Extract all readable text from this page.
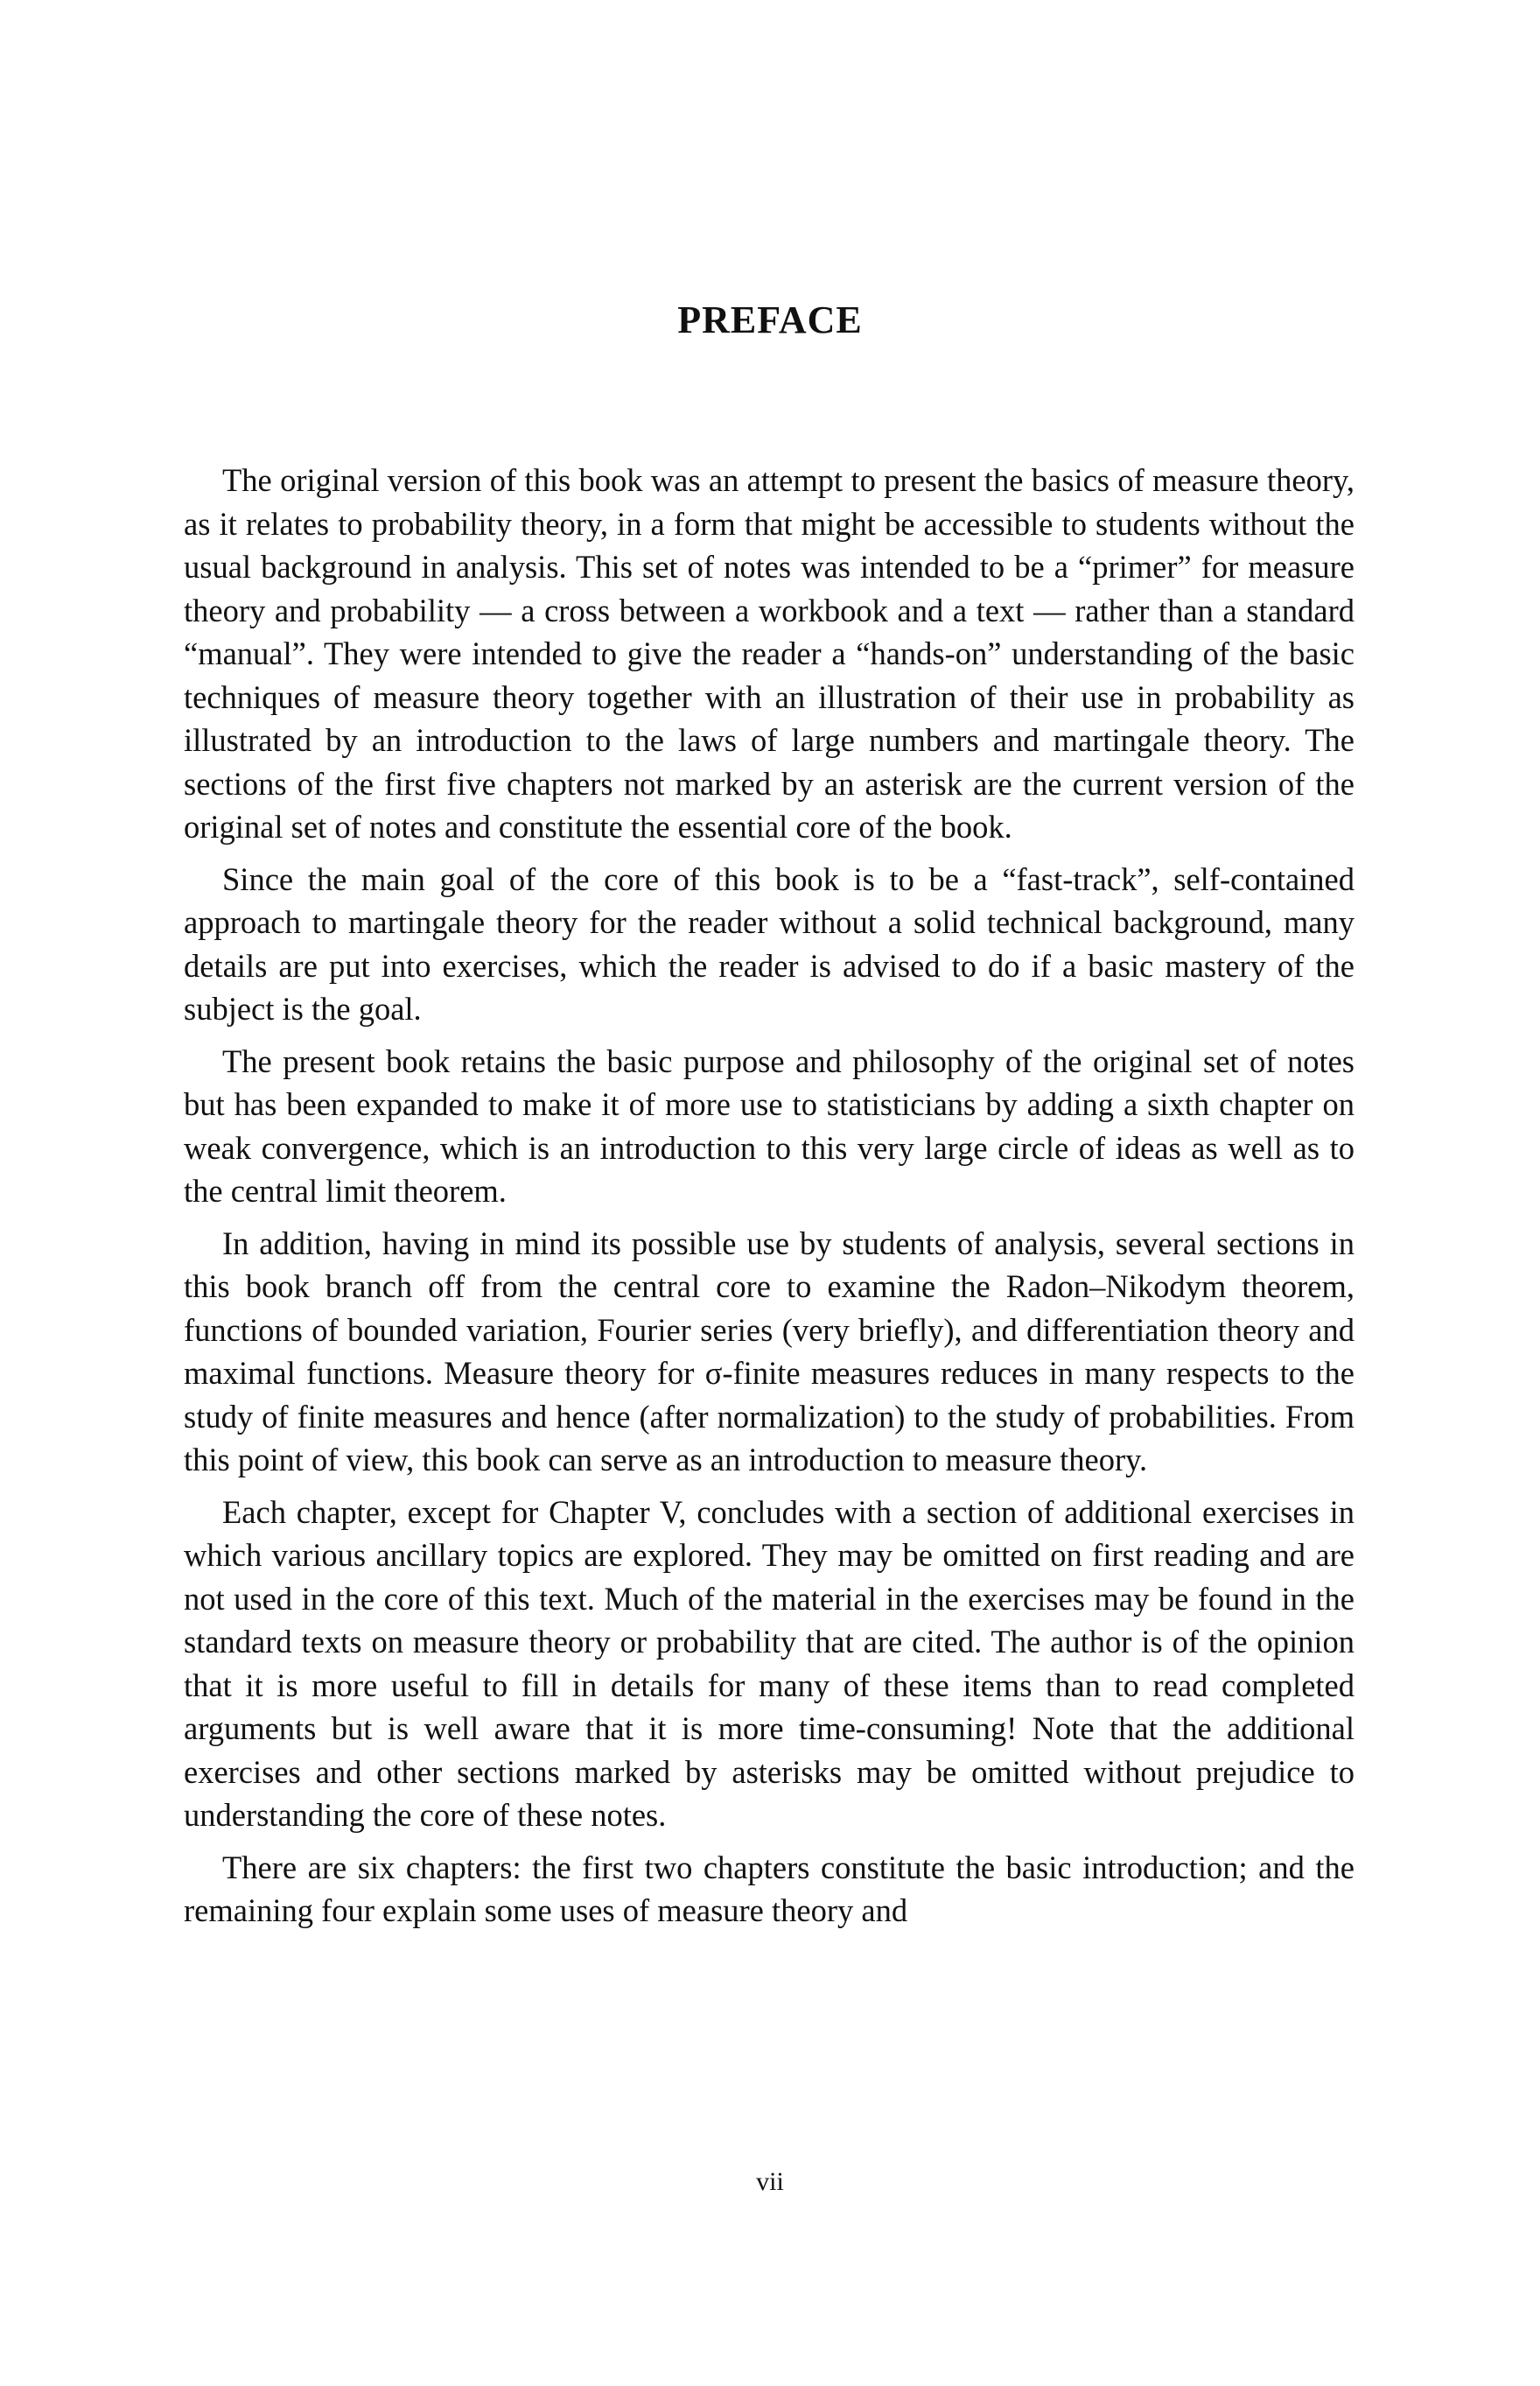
PREFACE

The original version of this book was an attempt to present the basics of measure theory, as it relates to probability theory, in a form that might be accessible to students without the usual background in analysis. This set of notes was intended to be a “primer” for measure theory and probability — a cross between a workbook and a text — rather than a standard “manual”. They were intended to give the reader a “hands-on” understanding of the basic techniques of measure theory together with an illustration of their use in probability as illustrated by an introduction to the laws of large numbers and martingale theory. The sections of the first five chapters not marked by an asterisk are the current version of the original set of notes and constitute the essential core of the book.

Since the main goal of the core of this book is to be a “fast-track”, self-contained approach to martingale theory for the reader without a solid technical background, many details are put into exercises, which the reader is advised to do if a basic mastery of the subject is the goal.

The present book retains the basic purpose and philosophy of the original set of notes but has been expanded to make it of more use to statisticians by adding a sixth chapter on weak convergence, which is an introduction to this very large circle of ideas as well as to the central limit theorem.

In addition, having in mind its possible use by students of analysis, several sections in this book branch off from the central core to examine the Radon–Nikodym theorem, functions of bounded variation, Fourier series (very briefly), and differentiation theory and maximal functions. Measure theory for σ-finite measures reduces in many respects to the study of finite measures and hence (after normalization) to the study of probabilities. From this point of view, this book can serve as an introduction to measure theory.

Each chapter, except for Chapter V, concludes with a section of additional exercises in which various ancillary topics are explored. They may be omitted on first reading and are not used in the core of this text. Much of the material in the exercises may be found in the standard texts on measure theory or probability that are cited. The author is of the opinion that it is more useful to fill in details for many of these items than to read completed arguments but is well aware that it is more time-consuming! Note that the additional exercises and other sections marked by asterisks may be omitted without prejudice to understanding the core of these notes.

There are six chapters: the first two chapters constitute the basic introduction; and the remaining four explain some uses of measure theory and

vii
